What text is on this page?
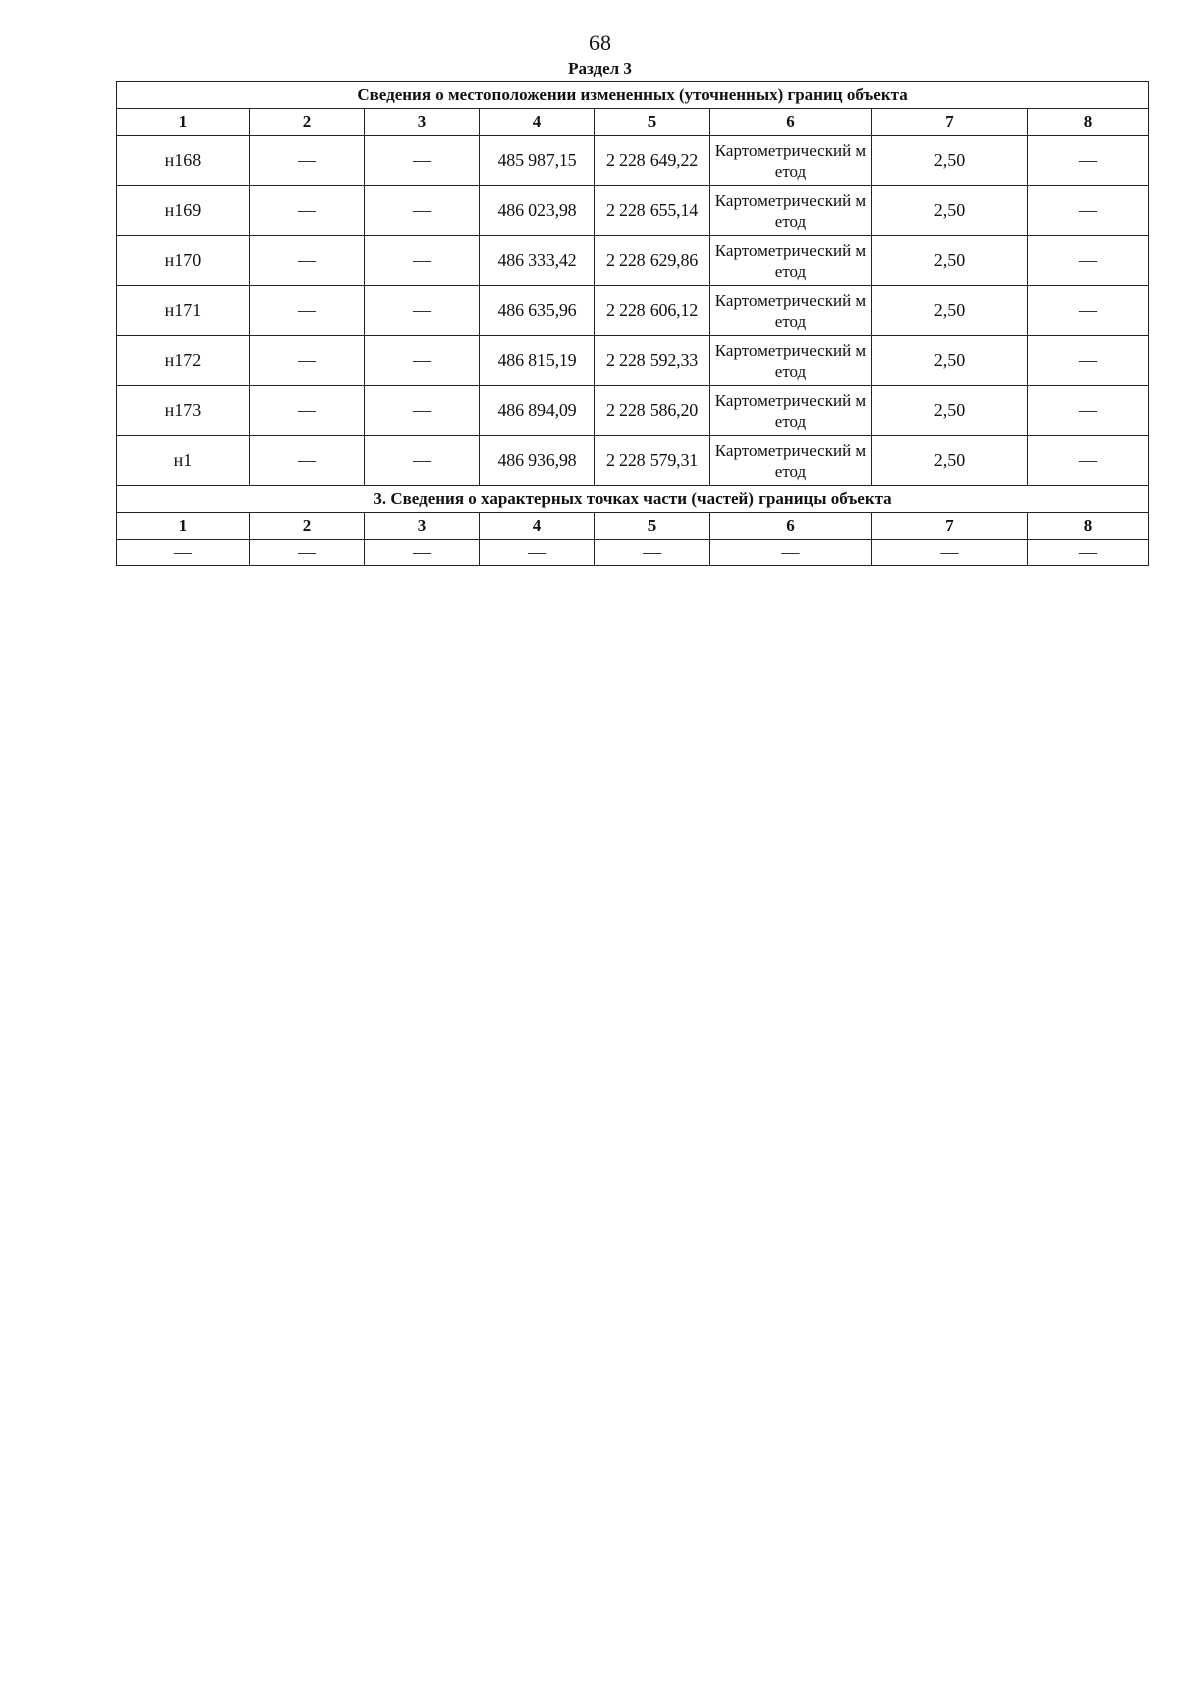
68
Раздел 3
Сведения о местоположении измененных (уточненных) границ объекта							
1	2	3	4	5	6	7	8
н168	—	—	485 987,15	2 228 649,22	Картометрический метод	2,50	—
н169	—	—	486 023,98	2 228 655,14	Картометрический метод	2,50	—
н170	—	—	486 333,42	2 228 629,86	Картометрический метод	2,50	—
н171	—	—	486 635,96	2 228 606,12	Картометрический метод	2,50	—
н172	—	—	486 815,19	2 228 592,33	Картометрический метод	2,50	—
н173	—	—	486 894,09	2 228 586,20	Картометрический метод	2,50	—
н1	—	—	486 936,98	2 228 579,31	Картометрический метод	2,50	—
3. Сведения о характерных точках части (частей) границы объекта							
1	2	3	4	5	6	7	8
—	—	—	—	—	—	—	—
